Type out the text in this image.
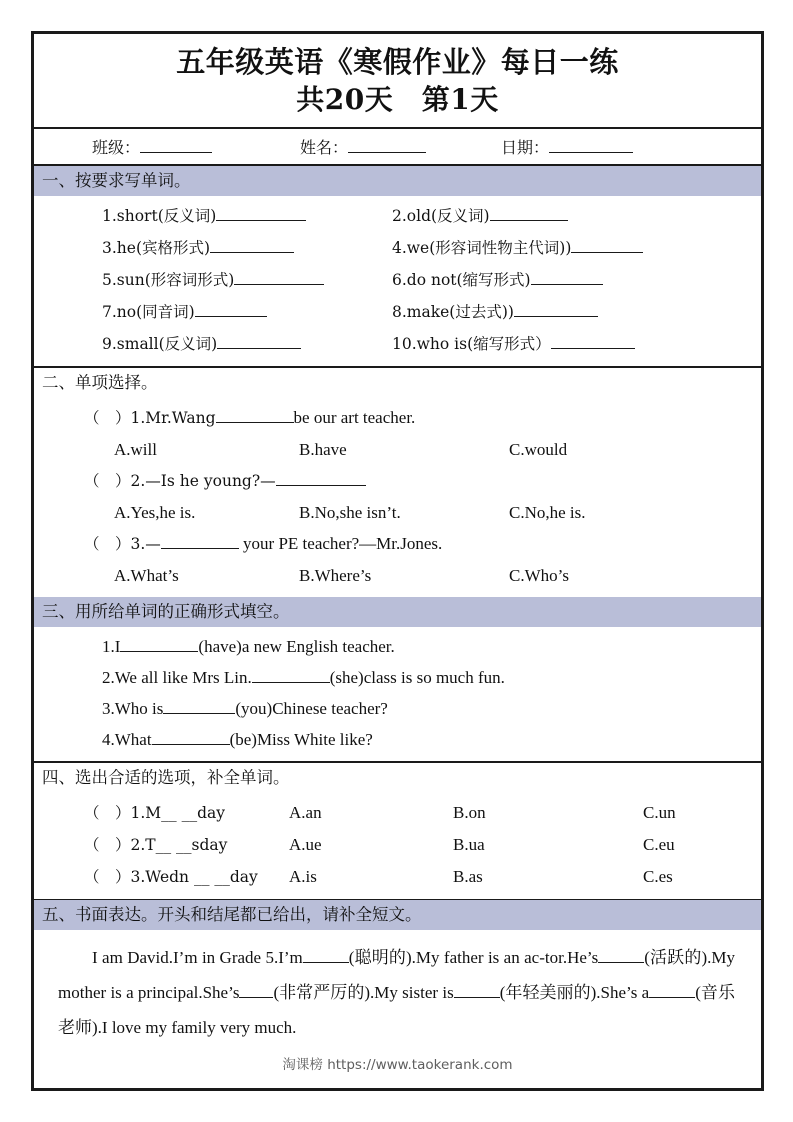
五年级英语《寒假作业》每日一练
共20天　第1天
班级：	姓名：	日期：
一、按要求写单词。
1.short(反义词)	2.old(反义词)
3.he(宾格形式)	4.we(形容词性物主代词))
5.sun(形容词形式)	6.do not(缩写形式)
7.no(同音词)	8.make(过去式))
9.small(反义词)	10.who is(缩写形式）
二、单项选择。
（　）1.Mr.Wang	be our art teacher.
A.will	B.have	C.would
（　）2.—Is he young?—
A.Yes,he is.	B.No,she isn’t.	C.No,he is.
（　）3.—	your PE teacher?—Mr.Jones.
A.What’s	B.Where’s	C.Who’s
三、用所给单词的正确形式填空。
1.I	(have)a new English teacher.
2.We all like Mrs Lin.	(she)class is so much fun.
3.Who is	(you)Chinese teacher?
4.What	(be)Miss White like?
四、选出合适的选项，补全单词。
（　）1.M__ __day	A.an	B.on	C.un
（　）2.T__ __sday	A.ue	B.ua	C.eu
（　）3.Wedn __ __day	A.is	B.as	C.es
五、书面表达。开头和结尾都已给出，请补全短文。
I am David.I’m in Grade 5.I’m	(聪明的).My father is an ac-tor.He’s	(活跃的).My mother is a principal.She’s (非常严厉的).My sister is	(年轻美丽的).She’s a	(音乐老师).I love my family very much.
淘课榜 https://www.taokerank.com
